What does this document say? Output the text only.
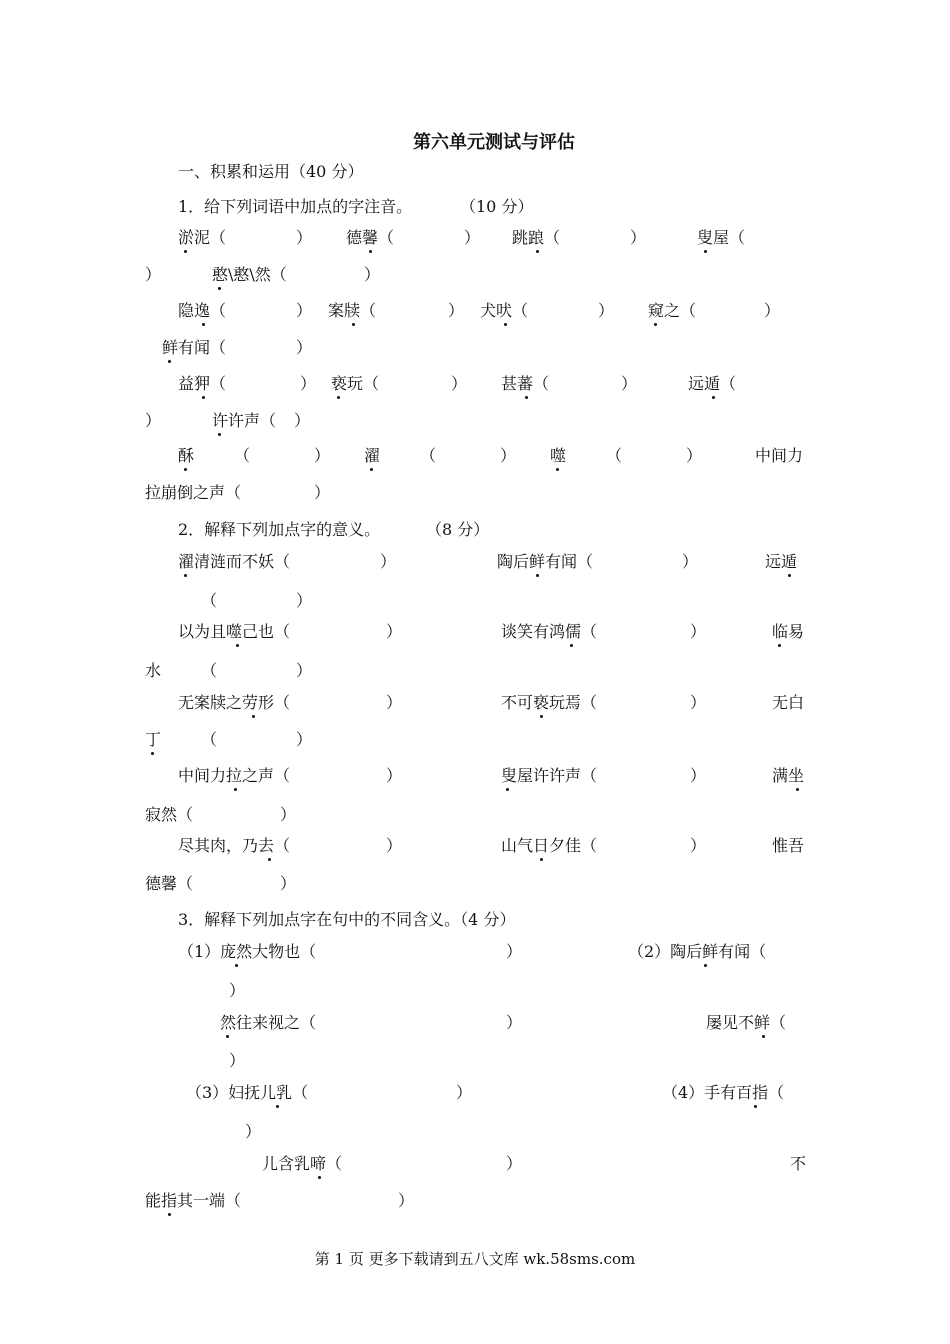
第六单元测试与评估
一、积累和运用（40 分）
1．给下列词语中加点的字注音。	（10 分）
淤泥（	） 德馨（	） 跳踉（	）	叟屋（
）	憨\憨\然（	）
隐逸（	） 案牍（	） 犬吠（	） 窥之（	）
鲜有闻（	）
益狎（	） 亵玩（	） 甚蕃（	）	远遁（
）	许许声（ ）
酥 （	） 濯 （	） 噬 （	）	中间力
拉崩倒之声（	）
2．解释下列加点字的意义。	（8 分）
濯清涟而不妖（	）	陶后鲜有闻（	）	远遁
（	）
以为且噬己也（	）	谈笑有鸿儒（	）	临易
水 （	）
无案牍之劳形（	）	不可亵玩焉（	）	无白
丁 （	）
中间力拉之声（	）	叟屋许许声（	）	满坐
寂然（	）
尽其肉，乃去（	）	山气日夕佳（	）	惟吾
德馨（	）
3．解释下列加点字在句中的不同含义。（4 分）
（1）庞然大物也（	）	（2）陶后鲜有闻（
）
然往来视之（	）	屡见不鲜（
）
（3）妇抚儿乳（	）	（4）手有百指（
）
儿含乳啼（	）	不
能指其一端（	）
第 1 页 更多下载请到五八文库 wk.58sms.com
